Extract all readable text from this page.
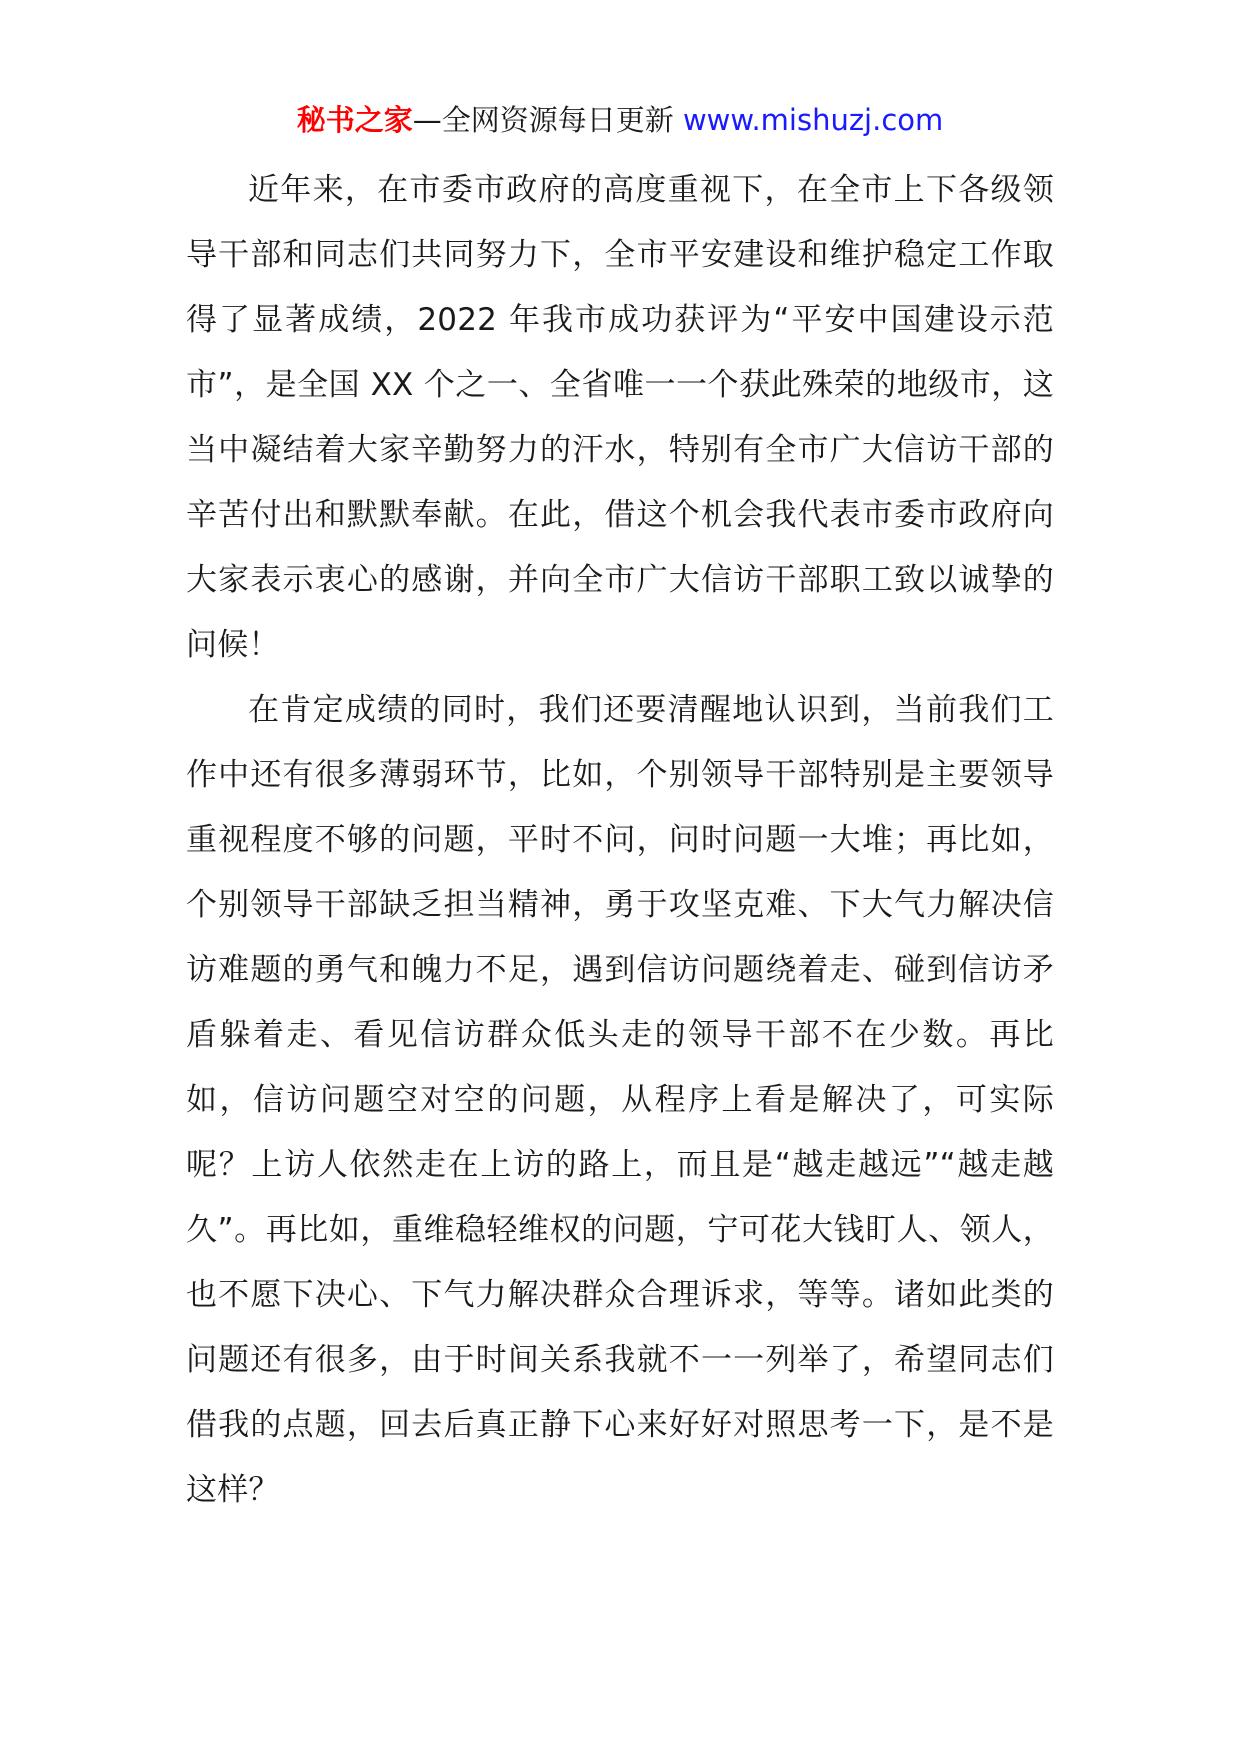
秘书之家—全网资源每日更新 www.mishuzj.com

近年来，在市委市政府的高度重视下，在全市上下各级领导干部和同志们共同努力下，全市平安建设和维护稳定工作取得了显著成绩，2022 年我市成功获评为“平安中国建设示范市”，是全国 XX 个之一、全省唯一一个获此殊荣的地级市，这当中凝结着大家辛勤努力的汗水，特别有全市广大信访干部的辛苦付出和默默奉献。在此，借这个机会我代表市委市政府向大家表示衷心的感谢，并向全市广大信访干部职工致以诚挚的问候！

在肯定成绩的同时，我们还要清醒地认识到，当前我们工作中还有很多薄弱环节，比如，个别领导干部特别是主要领导重视程度不够的问题，平时不问，问时问题一大堆；再比如，个别领导干部缺乏担当精神，勇于攻坚克难、下大气力解决信访难题的勇气和魄力不足，遇到信访问题绕着走、碰到信访矛盾躲着走、看见信访群众低头走的领导干部不在少数。再比如，信访问题空对空的问题，从程序上看是解决了，可实际呢？上访人依然走在上访的路上，而且是“越走越远”“越走越久”。再比如，重维稳轻维权的问题，宁可花大钱盯人、领人，也不愿下决心、下气力解决群众合理诉求，等等。诸如此类的问题还有很多，由于时间关系我就不一一列举了，希望同志们借我的点题，回去后真正静下心来好好对照思考一下，是不是这样？
